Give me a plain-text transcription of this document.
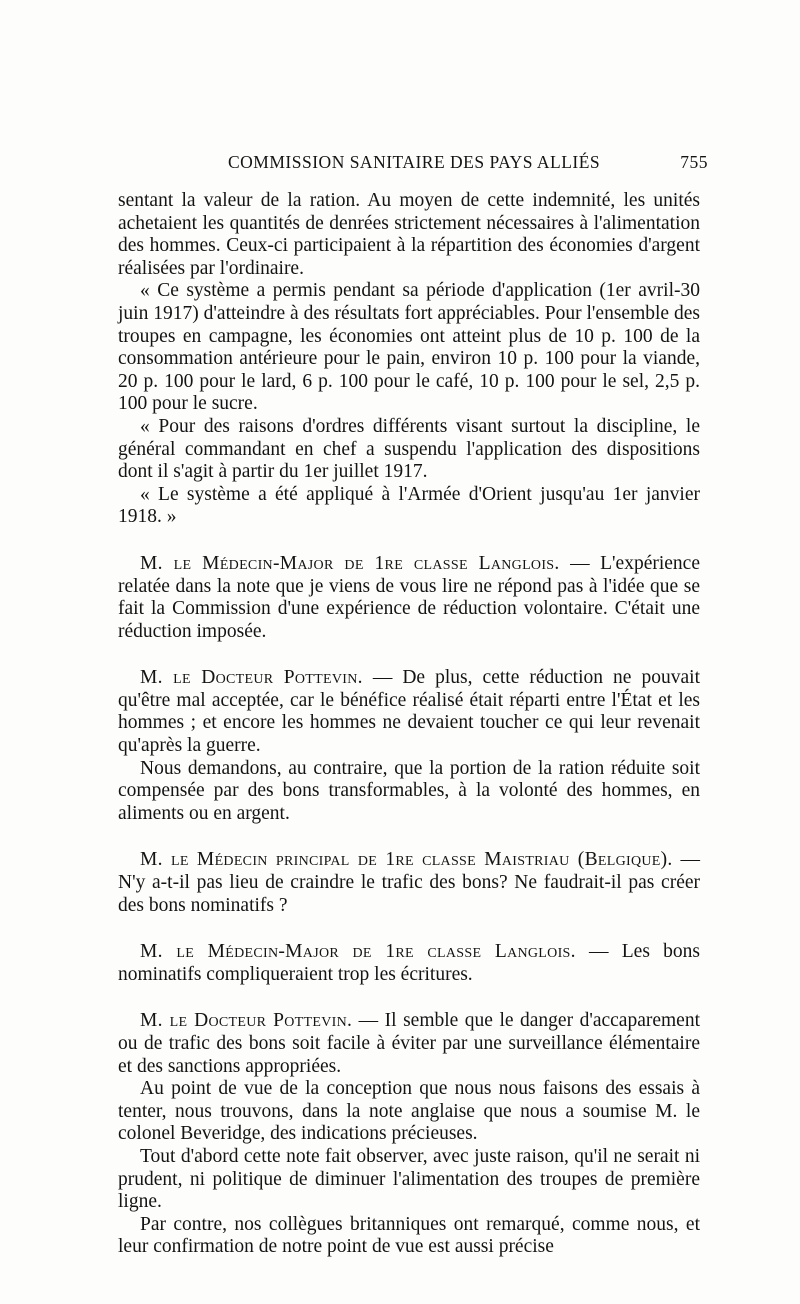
COMMISSION SANITAIRE DES PAYS ALLIÉS	755

sentant la valeur de la ration. Au moyen de cette indemnité, les unités achetaient les quantités de denrées strictement nécessaires à l'alimentation des hommes. Ceux-ci participaient à la répartition des économies d'argent réalisées par l'ordinaire.

« Ce système a permis pendant sa période d'application (1er avril-30 juin 1917) d'atteindre à des résultats fort appréciables. Pour l'ensemble des troupes en campagne, les économies ont atteint plus de 10 p. 100 de la consommation antérieure pour le pain, environ 10 p. 100 pour la viande, 20 p. 100 pour le lard, 6 p. 100 pour le café, 10 p. 100 pour le sel, 2,5 p. 100 pour le sucre.

« Pour des raisons d'ordres différents visant surtout la discipline, le général commandant en chef a suspendu l'application des dispositions dont il s'agit à partir du 1er juillet 1917.

« Le système a été appliqué à l'Armée d'Orient jusqu'au 1er janvier 1918. »

M. le Médecin-Major de 1re classe Langlois. — L'expérience relatée dans la note que je viens de vous lire ne répond pas à l'idée que se fait la Commission d'une expérience de réduction volontaire. C'était une réduction imposée.

M. le Docteur Pottevin. — De plus, cette réduction ne pouvait qu'être mal acceptée, car le bénéfice réalisé était réparti entre l'État et les hommes ; et encore les hommes ne devaient toucher ce qui leur revenait qu'après la guerre.

Nous demandons, au contraire, que la portion de la ration réduite soit compensée par des bons transformables, à la volonté des hommes, en aliments ou en argent.

M. le Médecin principal de 1re classe Maistriau (Belgique). — N'y a-t-il pas lieu de craindre le trafic des bons? Ne faudrait-il pas créer des bons nominatifs ?

M. le Médecin-Major de 1re classe Langlois. — Les bons nominatifs compliqueraient trop les écritures.

M. le Docteur Pottevin. — Il semble que le danger d'accaparement ou de trafic des bons soit facile à éviter par une surveillance élémentaire et des sanctions appropriées.

Au point de vue de la conception que nous nous faisons des essais à tenter, nous trouvons, dans la note anglaise que nous a soumise M. le colonel Beveridge, des indications précieuses.

Tout d'abord cette note fait observer, avec juste raison, qu'il ne serait ni prudent, ni politique de diminuer l'alimentation des troupes de première ligne.

Par contre, nos collègues britanniques ont remarqué, comme nous, et leur confirmation de notre point de vue est aussi précise
